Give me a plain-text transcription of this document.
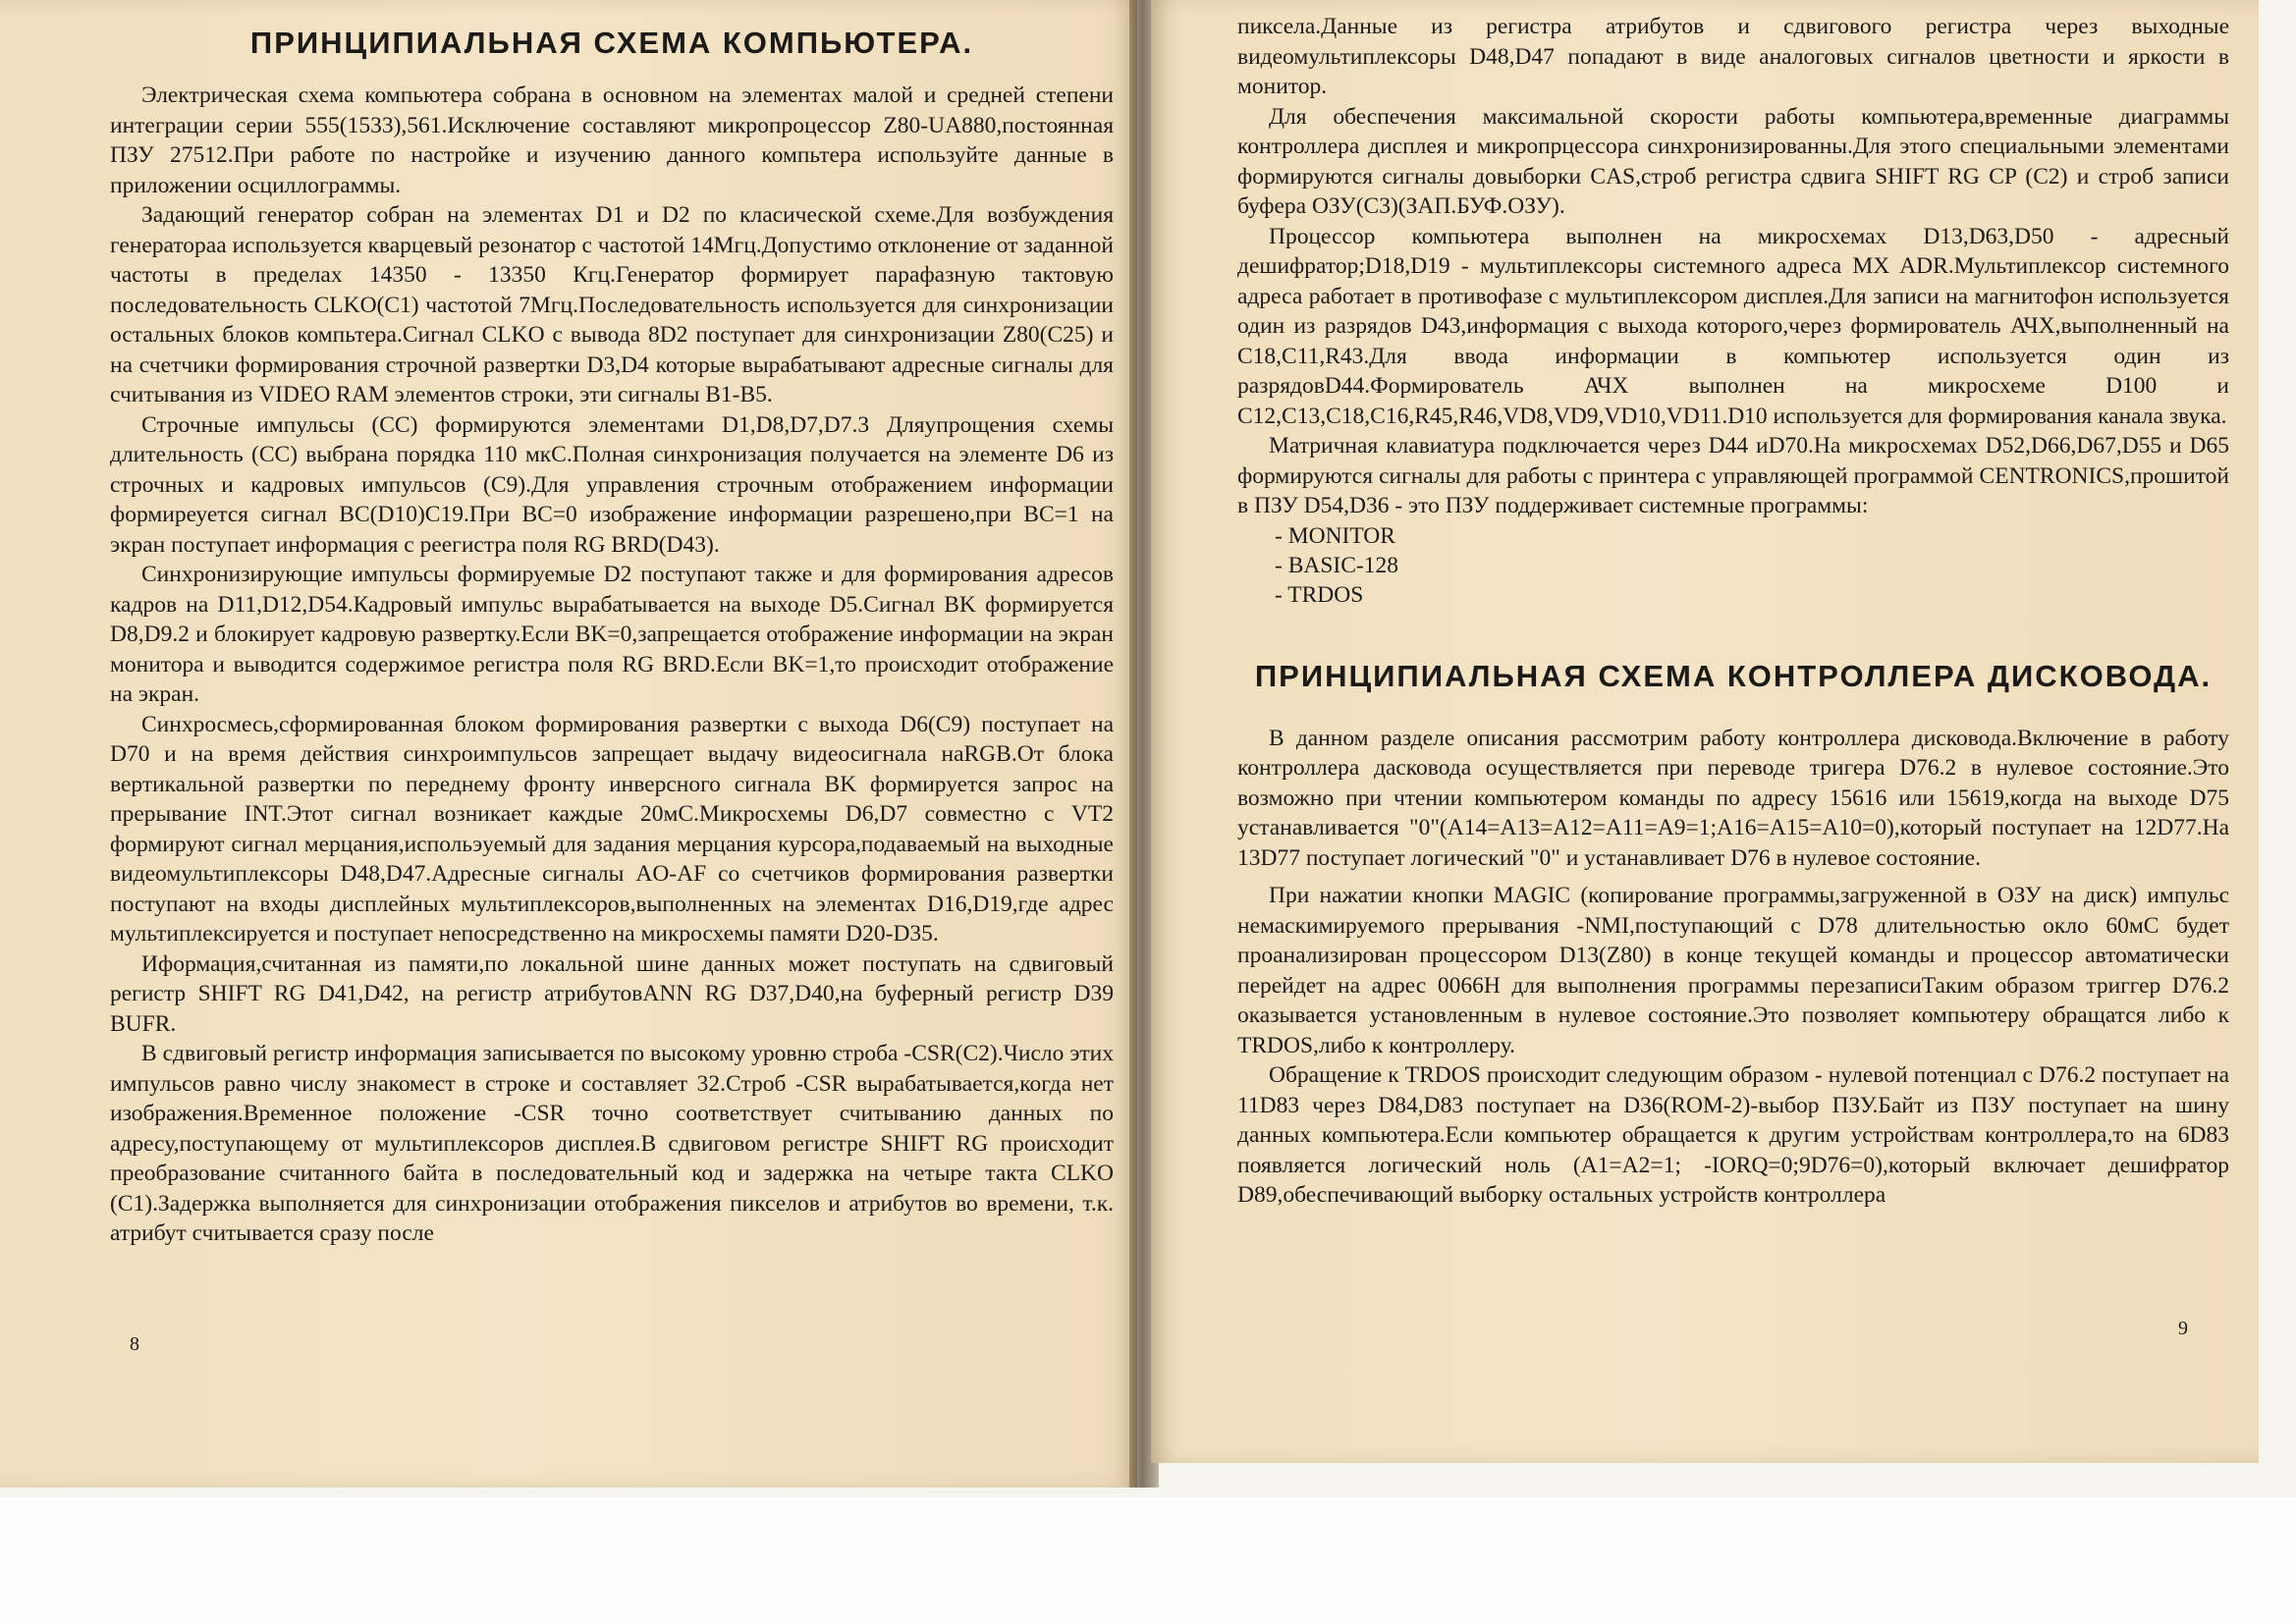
ПРИНЦИПИАЛЬНАЯ СХЕМА КОМПЬЮТЕРА.

Электрическая схема компьютера собрана в основном на элементах малой и средней степени интеграции серии 555(1533),561.Исключение составляют микропроцессор Z80-UA880,постоянная ПЗУ 27512.При работе по настройке и изучению данного компьтера используйте данные в приложении осциллограммы.

Задающий генератор собран на элементах D1 и D2 по класической схеме.Для возбуждения генератораа используется кварцевый резонатор с частотой 14Мгц.Допустимо отклонение от заданной частоты в пределах 14350 - 13350 Кгц.Генератор формирует парафазную тактовую последовательность CLKO(C1) частотой 7Мгц.Последовательность используется для синхронизации остальных блоков компьтера.Сигнал CLKO с вывода 8D2 поступает для синхронизации Z80(C25) и на счетчики формирования строчной развертки D3,D4 которые вырабатывают адресные сигналы для считывания из VIDEO RAM элементов строки, эти сигналы B1-B5.

Строчные импульсы (СС) формируются элементами D1,D8,D7,D7.3 Дляупрощения схемы длительность (СС) выбрана порядка 110 мкС.Полная синхронизация получается на элементе D6 из строчных и кадровых импульсов (C9).Для управления строчным отображением информации формиреуется сигнал BC(D10)C19.При BC=0 изображение информации разрешено,при BC=1 на экран поступает информация с реегистра поля RG BRD(D43).

Синхронизирующие импульсы формируемые D2 поступают также и для формирования адресов кадров на D11,D12,D54.Кадровый импульс вырабатывается на выходе D5.Сигнал BK формируется D8,D9.2 и блокирует кадровую развертку.Если BK=0,запрещается отображение информации на экран монитора и выводится содержимое регистра поля RG BRD.Если BK=1,то происходит отображение на экран.

Синхросмесь,сформированная блоком формирования развертки с выхода D6(C9) поступает на D70 и на время действия синхроимпульсов запрещает выдачу видеосигнала наRGB.От блока вертикальной развертки по переднему фронту инверсного сигнала BK формируется запрос на прерывание INT.Этот сигнал возникает каждые 20мС.Микросхемы D6,D7 совместно с VT2 формируют сигнал мерцания,испольэуемый для задания мерцания курсора,подаваемый на выходные видеомультиплексоры D48,D47.Адресные сигналы AO-AF со счетчиков формирования развертки поступают на входы дисплейных мультиплексоров,выполненных на элементах D16,D19,где адрес мультиплексируется и поступает непосредственно на микросхемы памяти D20-D35.

Иформация,считанная из памяти,по локальной шине данных может поступать на сдвиговый регистр SHIFT RG D41,D42, на регистр атрибутовANN RG D37,D40,на буферный регистр D39 BUFR.

В сдвиговый регистр информация записывается по высокому уровню строба -CSR(C2).Число этих импульсов равно числу знакомест в строке и составляет 32.Строб -CSR вырабатывается,когда нет изображения.Временное положение -CSR точно соответствует считыванию данных по адресу,поступающему от мультиплексоров дисплея.В сдвиговом регистре SHIFT RG происходит преобразование считанного байта в последовательный код и задержка на четыре такта CLKO (C1).Задержка выполняется для синхронизации отображения пикселов и атрибутов во времени, т.к. атрибут считывается сразу после

8

пиксела.Данные из регистра атрибутов и сдвигового регистра через выходные видеомультиплексоры D48,D47 попадают в виде аналоговых сигналов цветности и яркости в монитор.

Для обеспечения максимальной скорости работы компьютера,временные диаграммы контроллера дисплея и микропрцессора синхронизированны.Для этого специальными элементами формируются сигналы довыборки CAS,строб регистра сдвига SHIFT RG CP (C2) и строб записи буфера ОЗУ(C3)(ЗАП.БУФ.ОЗУ).

Процессор компьютера выполнен на микросхемах D13,D63,D50 - адресный дешифратор;D18,D19 - мультиплексоры системного адреса MX ADR.Мультиплексор системного адреса работает в противофазе с мультиплексором дисплея.Для записи на магнитофон используется один из разрядов D43,информация с выхода которого,через формирователь АЧХ,выполненный на C18,C11,R43.Для ввода информации в компьютер используется один из разрядовD44.Формирователь АЧХ выполнен на микросхеме D100 и C12,C13,C18,C16,R45,R46,VD8,VD9,VD10,VD11.D10 используется для формирования канала звука.

Матричная клавиатура подключается через D44 иD70.На микросхемах D52,D66,D67,D55 и D65 формируются сигналы для работы с принтера с управляющей программой CENTRONICS,прошитой в ПЗУ D54,D36 - это ПЗУ поддерживает системные программы:

- MONITOR
- BASIC-128
- TRDOS
ПРИНЦИПИАЛЬНАЯ СХЕМА КОНТРОЛЛЕРА ДИСКОВОДА.

В данном разделе описания рассмотрим работу контроллера дисковода.Включение в работу контроллера дасковода осуществляется при переводе тригера D76.2 в нулевое состояние.Это возможно при чтении компьютером команды по адресу 15616 или 15619,когда на выходе D75 устанавливается "0"(A14=A13=A12=A11=A9=1;A16=A15=A10=0),который поступает на 12D77.На 13D77 поступает логический "0" и устанавливает D76 в нулевое состояние.

При нажатии кнопки MAGIC (копирование программы,загруженной в ОЗУ на диск) импульс немаскимируемого прерывания -NMI,поступающий с D78 длительностью окло 60мС будет проанализирован процессором D13(Z80) в конце текущей команды и процессор автоматически перейдет на адрес 0066H для выполнения программы перезаписиТаким образом триггер D76.2 оказывается установленным в нулевое состояние.Это позволяет компьютеру обращатся либо к TRDOS,либо к контроллеру.

Обращение к TRDOS происходит следующим образом - нулевой потенциал с D76.2 поступает на 11D83 через D84,D83 поступает на D36(ROM-2)-выбор ПЗУ.Байт из ПЗУ поступает на шину данных компьютера.Если компьютер обращается к другим устройствам контроллера,то на 6D83 появляется логический ноль (A1=A2=1; -IORQ=0;9D76=0),который включает дешифратор D89,обеспечивающий выборку остальных устройств контроллера

9
